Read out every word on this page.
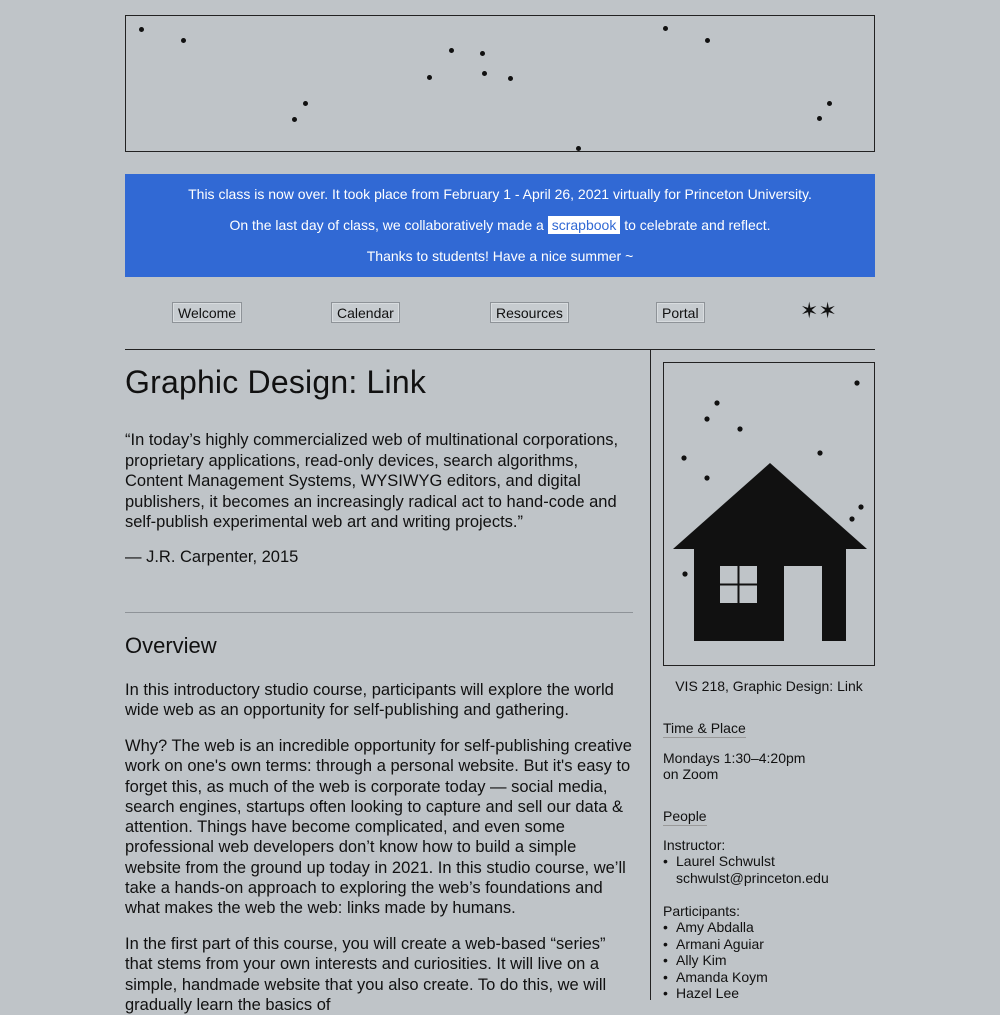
This class is now over. It took place from February 1 - April 26, 2021 virtually for Princeton University.

On the last day of class, we collaboratively made a scrapbook to celebrate and reflect.

Thanks to students! Have a nice summer ~

Welcome	Calendar	Resources	Portal	✶✶
Graphic Design: Link

“In today’s highly commercialized web of multinational corporations, proprietary applications, read-only devices, search algorithms, Content Management Systems, WYSIWYG editors, and digital publishers, it becomes an increasingly radical act to hand-code and self-publish experimental web art and writing projects.”

— J.R. Carpenter, 2015

Overview

In this introductory studio course, participants will explore the world wide web as an opportunity for self-publishing and gathering.

Why? The web is an incredible opportunity for self-publishing creative work on one's own terms: through a personal website. But it's easy to forget this, as much of the web is corporate today — social media, search engines, startups often looking to capture and sell our data & attention. Things have become complicated, and even some professional web developers don’t know how to build a simple website from the ground up today in 2021. In this studio course, we’ll take a hands-on approach to exploring the web’s foundations and what makes the web the web: links made by humans.

In the first part of this course, you will create a web-based “series” that stems from your own interests and curiosities. It will live on a simple, handmade website that you also create. To do this, we will gradually learn the basics of

VIS 218, Graphic Design: Link
Time & Place

Mondays 1:30–4:20pm

on Zoom

People

Instructor:

• Laurel Schwulst
schwulst@princeton.edu

Participants:

• Amy Abdalla
• Armani Aguiar
• Ally Kim
• Amanda Koym
• Hazel Lee
